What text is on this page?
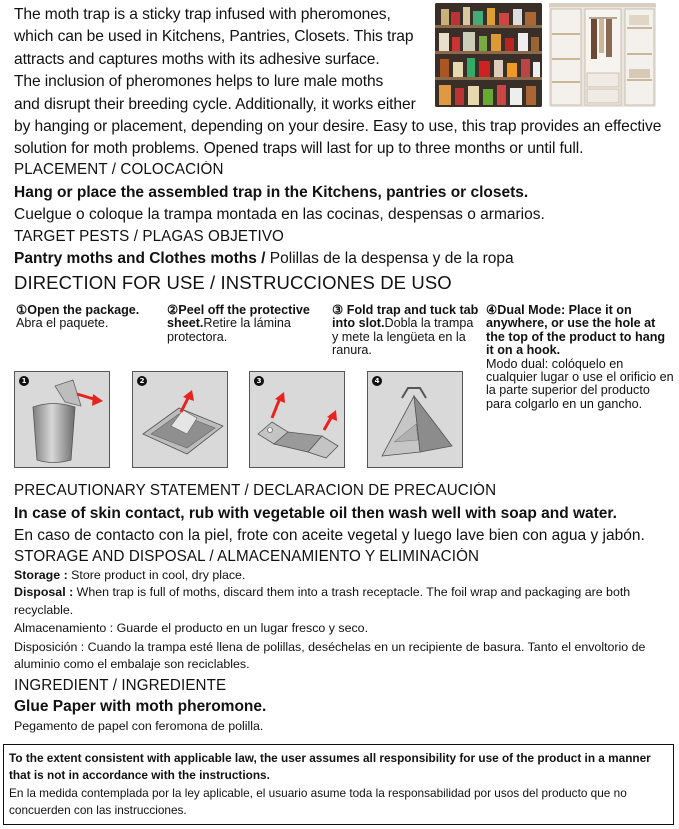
The moth trap is a sticky trap infused with pheromones,
which can be used in Kitchens, Pantries, Closets. This trap
attracts and captures moths with its adhesive surface.
The inclusion of pheromones helps to lure male moths
and disrupt their breeding cycle. Additionally, it works either
by hanging or placement, depending on your desire. Easy to use, this trap provides an effective
solution for moth problems. Opened traps will last for up to three months or until full.
PLACEMENT / COLOCACIÓN
Hang or place the assembled trap in the Kitchens, pantries or closets.
Cuelgue o coloque la trampa montada en las cocinas, despensas o armarios.
TARGET PESTS / PLAGAS OBJETIVO
Pantry moths and Clothes moths / Polillas de la despensa y de la ropa
DIRECTION FOR USE / INSTRUCCIONES DE USO
①Open the package.
Abra el paquete.
②Peel off the protective sheet.Retire la lámina protectora.
③ Fold trap and tuck tab into slot.Dobla la trampa y mete la lengüeta en la ranura.
④Dual Mode: Place it on anywhere, or use the hole at the top of the product to hang it on a hook.
Modo dual: colóquelo en cualquier lugar o use el orificio en la parte superior del producto para colgarlo en un gancho.
1	2	3	4
PRECAUTIONARY STATEMENT / DECLARACION DE PRECAUCIÓN
In case of skin contact, rub with vegetable oil then wash well with soap and water.
En caso de contacto con la piel, frote con aceite vegetal y luego lave bien con agua y jabón.
STORAGE AND DISPOSAL / ALMACENAMIENTO Y ELIMINACIÓN
Storage : Store product in cool, dry place.
Disposal : When trap is full of moths, discard them into a trash receptacle. The foil wrap and packaging are both recyclable.
Almacenamiento : Guarde el producto en un lugar fresco y seco.
Disposición : Cuando la trampa esté llena de polillas, deséchelas en un recipiente de basura. Tanto el envoltorio de aluminio como el embalaje son reciclables.
INGREDIENT / INGREDIENTE
Glue Paper with moth pheromone.
Pegamento de papel con feromona de polilla.
To the extent consistent with applicable law, the user assumes all responsibility for use of the product in a manner that is not in accordance with the instructions.
En la medida contemplada por la ley aplicable, el usuario asume toda la responsabilidad por usos del producto que no concuerden con las instrucciones.
